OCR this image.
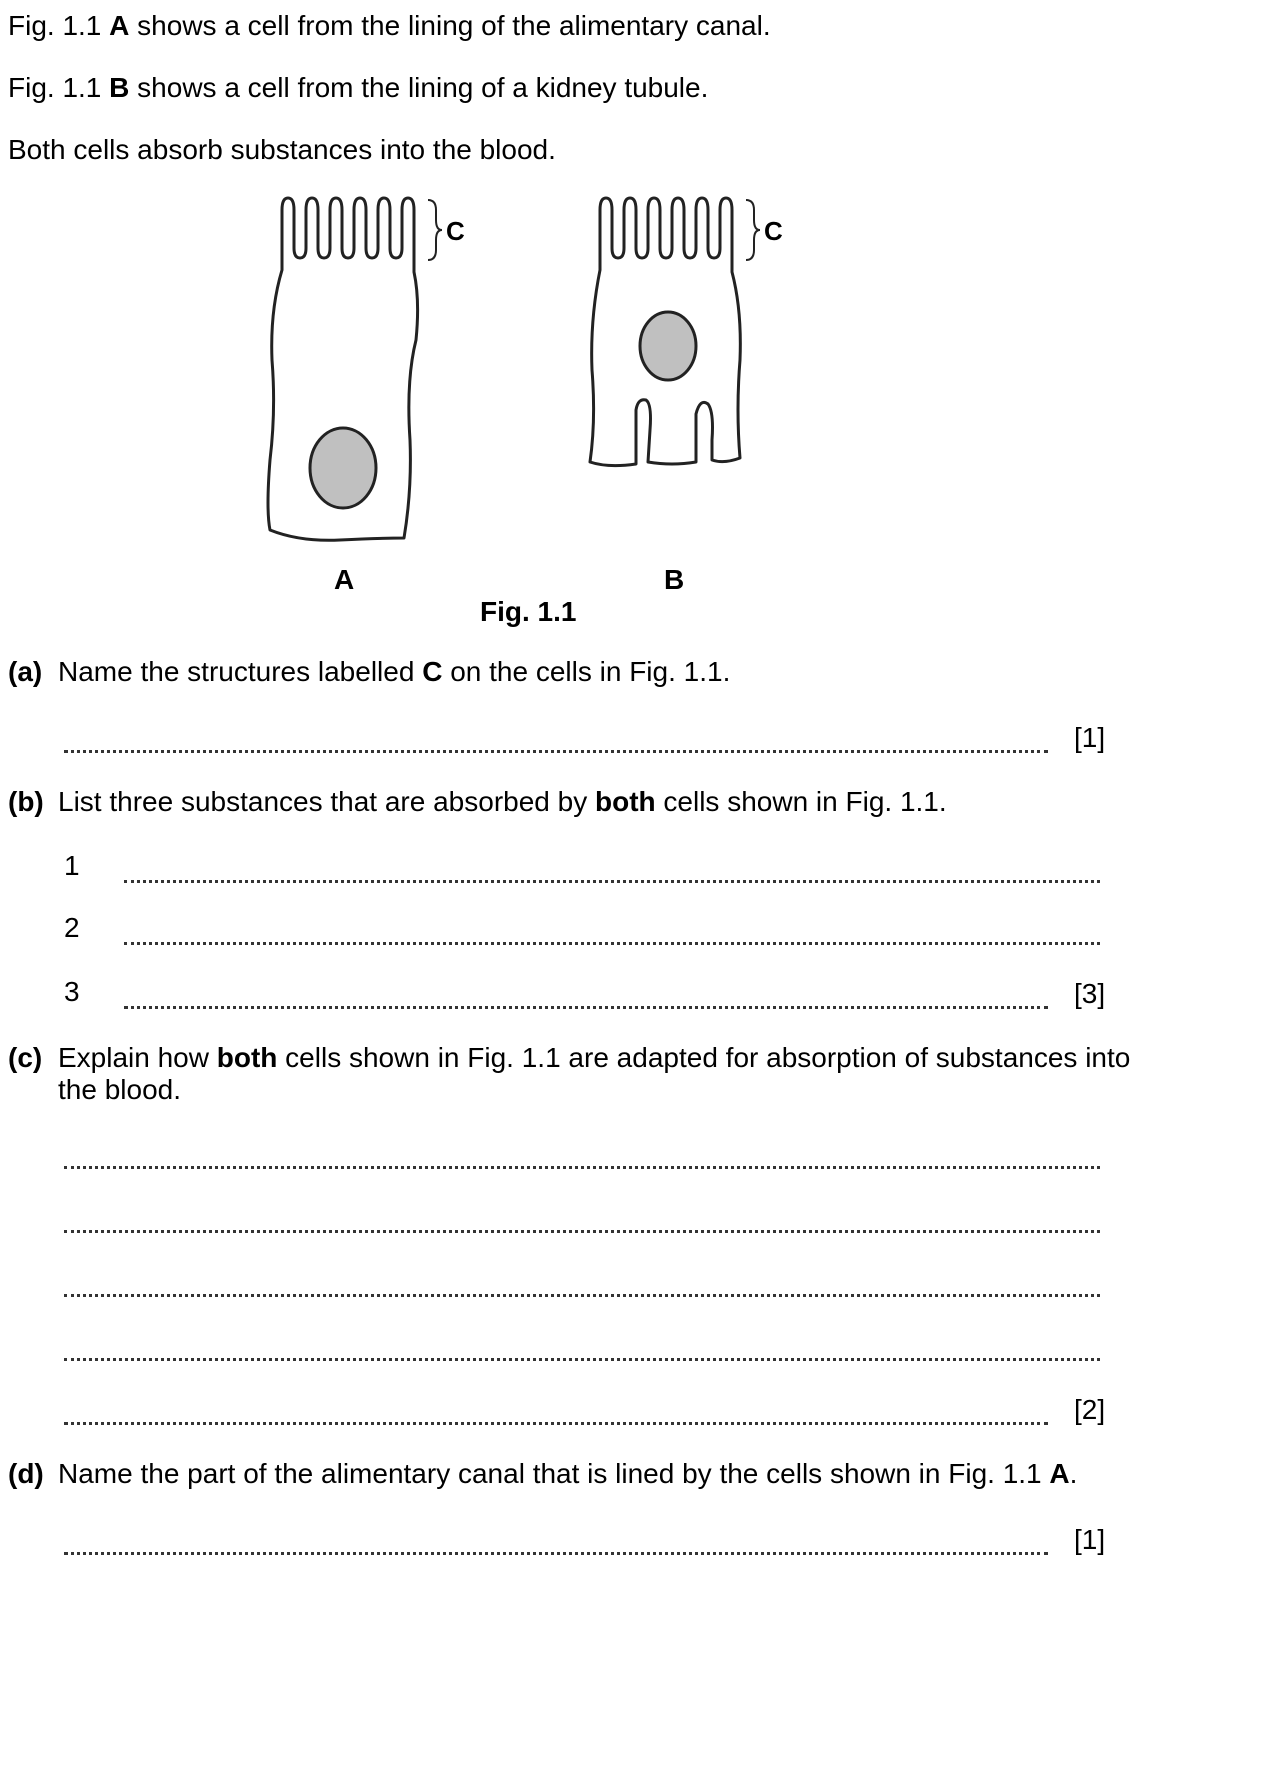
Fig. 1.1 A shows a cell from the lining of the alimentary canal.
Fig. 1.1 B shows a cell from the lining of a kidney tubule.
Both cells absorb substances into the blood.
C	C
A	B
Fig. 1.1
(a) Name the structures labelled C on the cells in Fig. 1.1.
[1]
(b) List three substances that are absorbed by both cells shown in Fig. 1.1.
1
2
3	[3]
(c) Explain how both cells shown in Fig. 1.1 are adapted for absorption of substances into
the blood.
[2]
(d) Name the part of the alimentary canal that is lined by the cells shown in Fig. 1.1 A.
[1]
